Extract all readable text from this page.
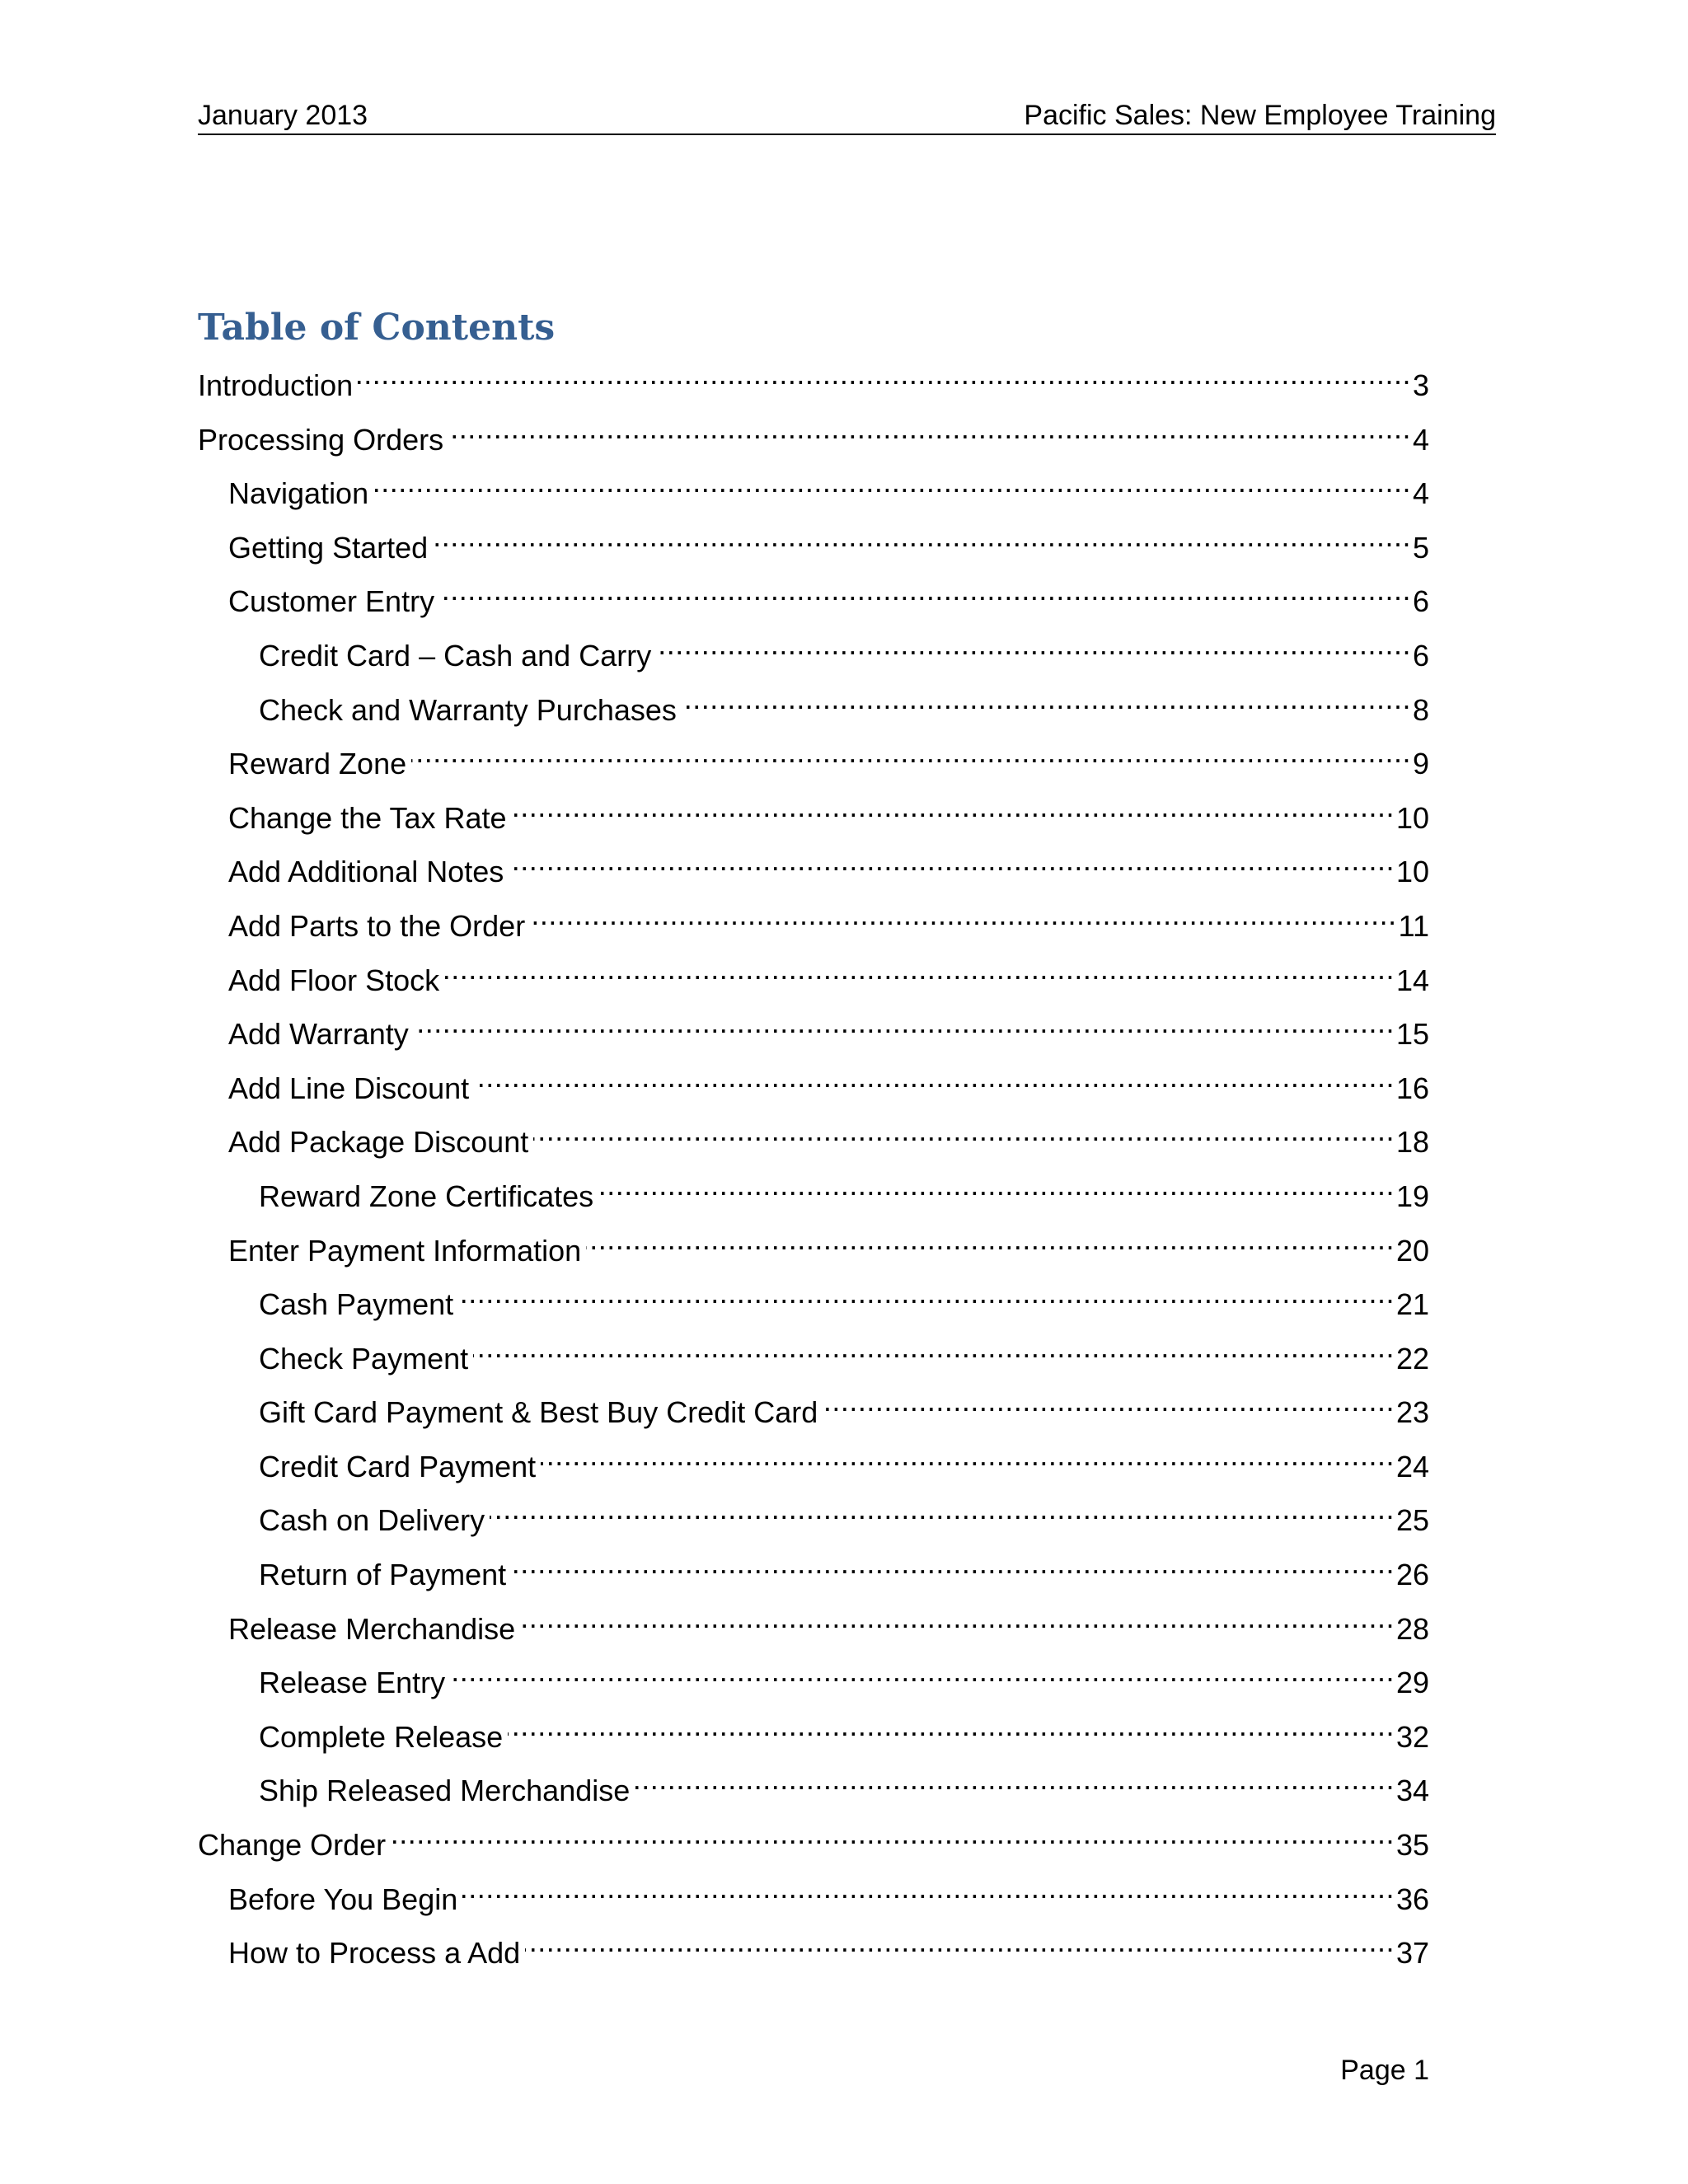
January 2013	Pacific Sales: New Employee Training
Table of Contents
Introduction .....	3
Processing Orders .....	4
Navigation .....	4
Getting Started .....	5
Customer Entry .....	6
Credit Card – Cash and Carry .....	6
Check and Warranty Purchases .....	8
Reward Zone .....	9
Change the Tax Rate .....	10
Add Additional Notes .....	10
Add Parts to the Order .....	11
Add Floor Stock .....	14
Add Warranty .....	15
Add Line Discount .....	16
Add Package Discount .....	18
Reward Zone Certificates .....	19
Enter Payment Information .....	20
Cash Payment .....	21
Check Payment .....	22
Gift Card Payment & Best Buy Credit Card .....	23
Credit Card Payment .....	24
Cash on Delivery .....	25
Return of Payment .....	26
Release Merchandise .....	28
Release Entry .....	29
Complete Release .....	32
Ship Released Merchandise .....	34
Change Order .....	35
Before You Begin .....	36
How to Process a Add .....	37
Page 1
